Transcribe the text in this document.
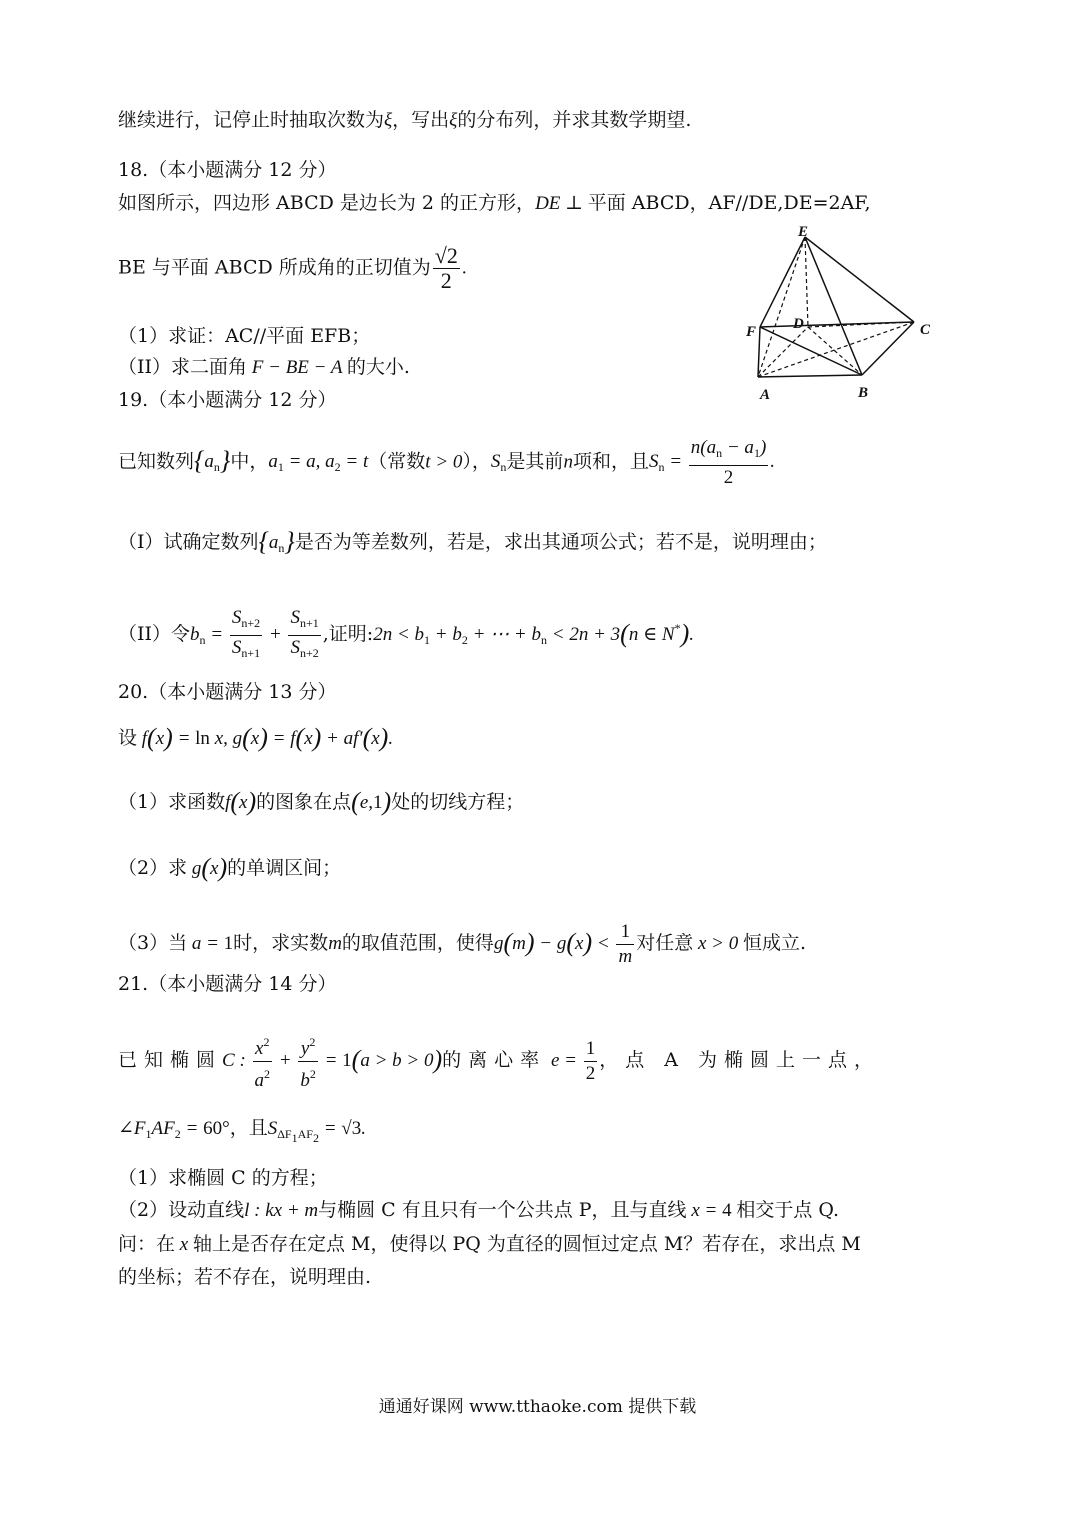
继续进行，记停止时抽取次数为ξ，写出ξ的分布列，并求其数学期望.
18.（本小题满分 12 分）
如图所示，四边形 ABCD 是边长为 2 的正方形，DE ⊥ 平面 ABCD，AF//DE,DE=2AF,
BE 与平面 ABCD 所成角的正切值为 $\frac{√2}{2}$ .
（1）求证：AC//平面 EFB；
（II）求二面角 F − BE − A 的大小.
E
F D	C
A	B
19.（本小题满分 12 分）
已知数列$\{a_n\}$中，$a_1 = a$, $a_2 = t$（常数t > 0），$S_n$是其前n项和，且$S_n = \frac{n(a_n - a_1)}{2}$ .
（I）试确定数列$\{a_n\}$是否为等差数列，若是，求出其通项公式；若不是，说明理由；
（II）令$b_n = \frac{S_{n+2}}{S_{n+1}} + \frac{S_{n+1}}{S_{n+2}}$ ,证明:2n < $b_1 + b_2$ + ⋯ + $b_n < 2n + 3(n$ ∈ N*).
20.（本小题满分 13 分）
设 f(x) = ln x, g(x) = f(x) + af′(x).
（1）求函数f(x)的图象在点(e,1)处的切线方程；
（2）求 g(x)的单调区间；
（3）当 a = 1时，求实数m的取值范围，使得$g(m) - g(x) < \frac{1}{m}$ 对任意 x > 0 恒成立.
21.（本小题满分 14 分）
已知椭圆C : $\frac{x^2}{a^2} + \frac{y^2}{b^2} = 1(a > b > 0)$的离心率 $e = \frac{1}{2}$ ，点 A 为椭圆上一点，
$\angle F_1AF_2 = 60^\circ$，且$S_{\Delta F_1AF_2} = √3$.
（1）求椭圆 C 的方程；
（2）设动直线l : kx + m与椭圆 C 有且只有一个公共点 P，且与直线 x = 4 相交于点 Q.
问：在 x 轴上是否存在定点 M，使得以 PQ 为直径的圆恒过定点 M？若存在，求出点 M
的坐标；若不存在，说明理由.
通通好课网 www.tthaoke.com 提供下载
